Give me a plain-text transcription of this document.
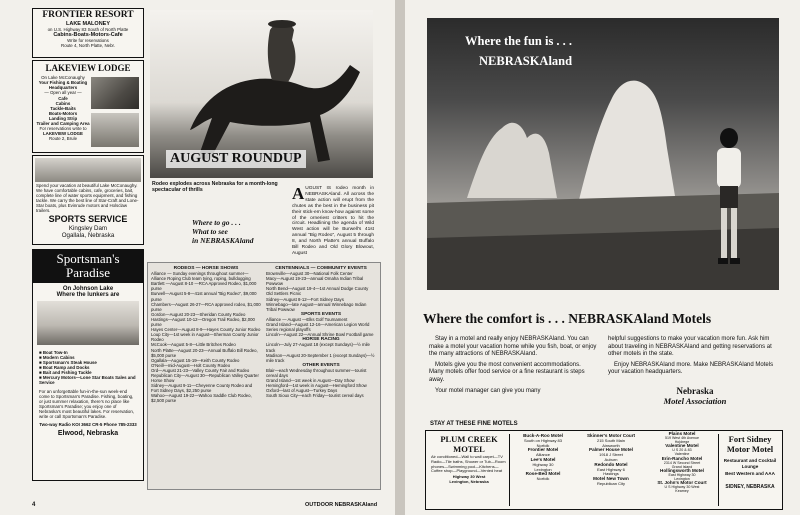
FRONTIER RESORT
LAKE MALONEY
on U.S. Highway 83 South of North Platte
Cabins-Boats-Motors-Cafe
Write for reservations
Route 4, North Platte, Nebr.
LAKEVIEW LODGE
On Lake McConaughy
Your Fishing & Boating Headquarters
— Open all year —
Cafe
Cabins
Tackle-Baits
Boats-Motors
Landing Strip
Trailer and Camping Area
For reservations write to
LAKEVIEW LODGE
Route 2, Brule
Spend your vacation at beautiful Lake McConaughy. We have comfortable cabins, cafe, groceries, bait, complete line of water sports equipment, and fishing tackle. We carry the best line of Star-Craft and Lone-Star boats, plus Evinrude motors and Holsclaw trailers.
SPORTS SERVICE
Kingsley Dam
Ogallala, Nebraska
Sportsman's
Paradise
On Johnson Lake
Where the lunkers are
■ Boat Tow-In
■ Modern Cabins
■ Sportsman's Steak House
■ Boat Ramp and Docks
■ Bait and Fishing Tackle
■ Mercury Motors—Lone Star Boats Sales and Service
For an unforgettable fun-in-the-sun week-end come to Sportsman's Paradise. Fishing, boating, or just summer relaxation, there's no place like Sportsman's Paradise; you enjoy one of Nebraska's most beautiful lakes. For reservation, write or call Sportsman's Paradise.
Two-way Radio KOI 3662 CR-5 Phone 785-2333
Elwood, Nebraska
AUGUST ROUNDUP
Rodeo explodes across Nebraska for a month-long spectacular of thrills
Where to go . . .
What to see
in NEBRASKAland
AUGUST IS rodeo month in NEBRASKAland. All across the state action will erupt from the chutes as the best in the business pit their stick-em know-how against some of the orneriest critters to hit the circuit. Headlining the agenda of Wild West action will be Burwell's 41st annual "Big Rodeo", August 5 through 8, and North Platte's annual Buffalo Bill Rodeo and Old Glory Blowout, August
RODEOS — HORSE SHOWS
Alliance — Sunday evenings throughout summer—Alliance Roping Club team tying, roping, bulldogging
Bartlett —August 8-10 —RCA Approved Rodeo, $1,000 purse
Burwell—August 5-8—41st annual "Big Rodeo", $9,000 purse
Chambers—August 26-27—RCA approved rodeo, $1,000 purse
Gordon—August 20-23—Sheridan County Rodeo
Hastings—August 10-12—Oregon Trail Rodeo, $2,000 purse
Hayes Center—August 8-9—Hayes County Junior Rodeo
Loup City—1st week in August—Sherman County Junior Rodeo
McCook—August 5-8—Little Britches Rodeo
North Platte—August 20-23—Annual Buffalo Bill Rodeo, $5,000 purse
Ogallala—August 15-19—Keith County Rodeo
O'Neill—mid-August—Holt County Rodeo
Ord—August 21-23—Valley County Fair and Rodeo
Republican City—August 30—Republican Valley Quarter Horse Show
Sidney—August 9-11—Cheyenne County Rodeo and Fort Sidney Days, $2,250 purse
Wahoo—August 19-22—Wahoo Saddle Club Rodeo, $2,500 purse
CENTENNIALS — COMMUNITY EVENTS
Brownville—August 30—National Folk Center
Macy—August 19-23—annual Omaha Indian Tribal Powwow
North Bend—August 19-4—1st Annual Dodge County Old Settlers Picnic
Sidney—August 8-12—Fort Sidney Days
Winnebago—late August—annual Winnebago Indian Tribal Powwow
SPORTS EVENTS
Alliance — August —Elks Golf Tournament
Grand Island—August 12-16—American Legion World Series regional playoffs
Lincoln—August 22—Annual Shrine Bowl Football game
HORSE RACING
Lincoln—July 27-August 18 (except Sundays)—½ mile track
Madison—August 20-September 1 (except Sundays)—½ mile track
OTHER EVENTS
Blair—each Wednesday throughout summer—tourist cereal days
Grand Island—1st week in August—Day Show
Hemingford—1st week in August—Hemingford Show
Oxford—last of August—Turkey Days
South Sioux City—each Friday—tourist cereal days
4	OUTDOOR NEBRASKAland
Where the fun is . . .
NEBRASKAland
Where the comfort is . . . NEBRASKAland Motels

Stay in a motel and really enjoy NEBRASKAland. You can make a motel your vacation home while you fish, boat, or enjoy the many attractions of NEBRASKAland.

Motels give you the most convenient accommodations. Many motels offer food service or a fine restaurant is steps away.

Your motel manager can give you many

helpful suggestions to make your vacation more fun. Ask him about traveling in NEBRASKAland and getting reservations at other motels in the state.

Enjoy NEBRASKAland more. Make NEBRASKAland Motels your vacation headquarters.

Nebraska
Motel Association
STAY AT THESE FINE MOTELS
PLUM CREEK MOTEL
Air conditioned—Wall to wall carpet—TV Radio—Tile baths, Shower or Tub—Room phones—Swimming pool—Kitchens—Coffee shop—Playground—Vented heat
Highway 30 West
Lexington, Nebraska
Buck-A-Roo Motel
South on Highway 83
Norfolk
Frontier Motel
Alliance
Lee's Motel
Highway 30
Lexington
Rose-Bed Motel
Norfolk
Skinner's Motor Court
215 South Main
Ainsworth
Palmer House Motel
1918 J Street
Auburn
Redondo Motel
East Highway 6
Hastings
Motel New Town
Republican City
Plains Motel
519 West 4th Avenue
Holdrege
Valentine Motel
U S 20 & 83
Valentine
Erin-Rancho Motel
2314 W Second Street
Grand Island
Hollingsworth Motel
East Highway 30
Lexington
St. John's Motor Court
U S Highway 30 West
Kearney
Fort Sidney
Motor Motel
Restaurant and Cocktail Lounge
Best Western and AAA
SIDNEY, NEBRASKA
